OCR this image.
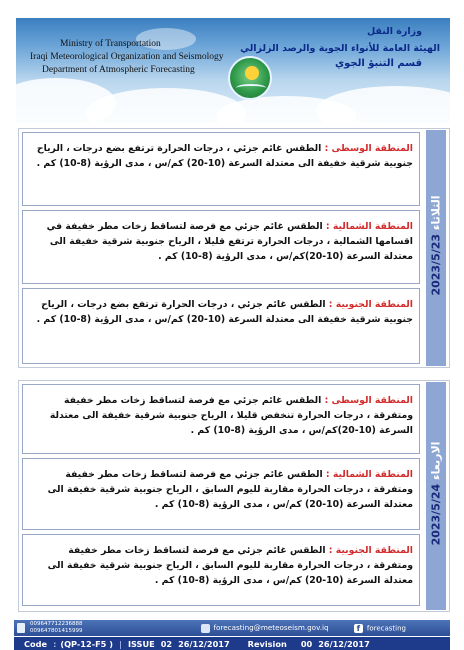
Ministry of Transportation
Iraqi Meteorological Organization and Seismology
Department of Atmospheric Forecasting
وزارة النقل
الهيئة العامة للأنواء الجوية والرصد الزلزالي
قسم التنبؤ الجوي
الثلاثاء 2023/5/23
المنطقة الوسطى : الطقس غائم جزئي ، درجات الحرارة ترتفع بضع درجات ، الرياح جنوبية شرقية خفيفة الى معتدلة السرعة (10-20) كم/س ، مدى الرؤية (8-10) كم .
المنطقة الشمالية : الطقس غائم جزئي مع فرصة لتساقط زخات مطر خفيفة في اقسامها الشمالية ، درجات الحرارة ترتفع قليلا ، الرياح جنوبية شرقية خفيفة الى معتدلة السرعة (10-20)كم/س ، مدى الرؤية (8-10) كم .
المنطقة الجنوبية : الطقس غائم جزئي ، درجات الحرارة ترتفع بضع درجات ، الرياح جنوبية شرقية خفيفة الى معتدلة السرعة (10-20) كم/س ، مدى الرؤية (8-10) كم .
الاربعاء 2023/5/24
المنطقة الوسطى : الطقس غائم جزئي مع فرصة لتساقط زخات مطر خفيفة ومتفرقة ، درجات الحرارة تنخفض قليلا ، الرياح جنوبية شرقية خفيفة الى معتدلة السرعة (10-20)كم/س ، مدى الرؤية (8-10) كم .
المنطقة الشمالية : الطقس غائم جزئي مع فرصة لتساقط زخات مطر خفيفة ومتفرقة ، درجات الحرارة مقاربة لليوم السابق ، الرياح جنوبية شرقية خفيفة الى معتدلة السرعة (10-20) كم/س ، مدى الرؤية (8-10) كم .
المنطقة الجنوبية : الطقس غائم جزئي مع فرصة لتساقط زخات مطر خفيفة ومتفرقة ، درجات الحرارة مقاربة لليوم السابق ، الرياح جنوبية شرقية خفيفة الى معتدلة السرعة (10-20) كم/س ، مدى الرؤية (8-10) كم .
009647712236888
009647801415999	forecasting@meteoseism.gov.iq	f forecasting
Code : (QP-12-F5 ) | ISSUE 02 26/12/2017 Revision 00 26/12/2017
